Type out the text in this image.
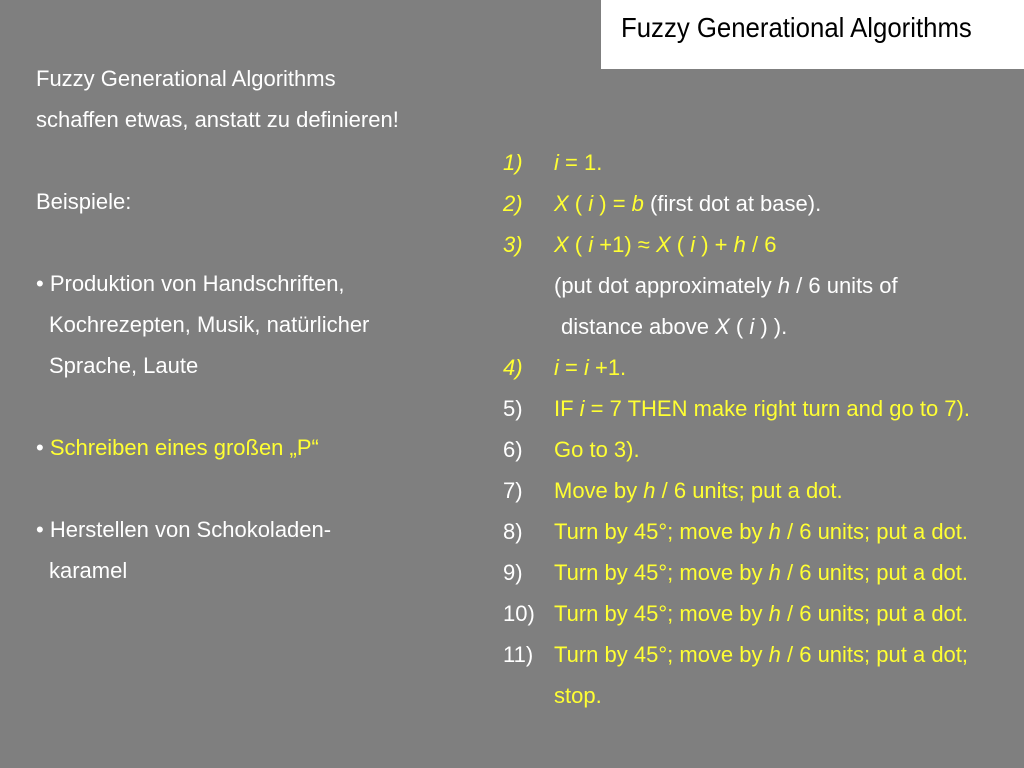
Fuzzy Generational Algorithms
Fuzzy Generational Algorithms
schaffen etwas, anstatt zu definieren!
Beispiele:
• Produktion von Handschriften,
Kochrezepten, Musik, natürlicher
Sprache, Laute
• Schreiben eines großen „P“
• Herstellen von Schokoladen-
karamel
1) i = 1.
2) X ( i ) = b (first dot at base).
3) X ( i +1) ≈ X ( i ) + h / 6
(put dot approximately h / 6 units of
distance above X ( i ) ).
4) i = i +1.
5) IF i = 7 THEN make right turn and go to 7).
6) Go to 3).
7) Move by h / 6 units; put a dot.
8) Turn by 45°; move by h / 6 units; put a dot.
9) Turn by 45°; move by h / 6 units; put a dot.
10) Turn by 45°; move by h / 6 units; put a dot.
11) Turn by 45°; move by h / 6 units; put a dot;
stop.
